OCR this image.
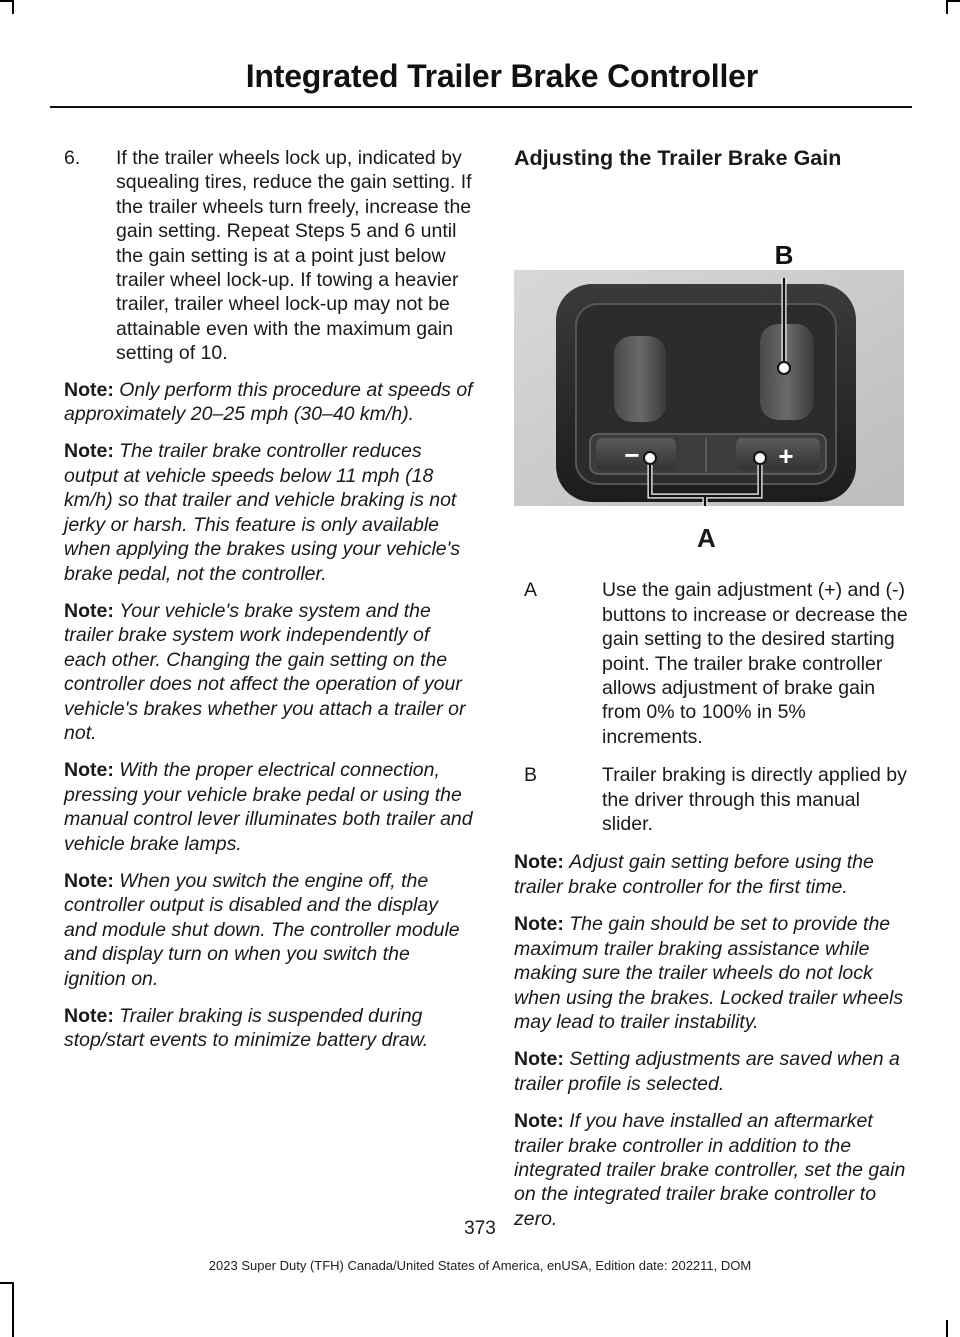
Integrated Trailer Brake Controller
6.	If the trailer wheels lock up, indicated by squealing tires, reduce the gain setting. If the trailer wheels turn freely, increase the gain setting. Repeat Steps 5 and 6 until the gain setting is at a point just below trailer wheel lock-up. If towing a heavier trailer, trailer wheel lock-up may not be attainable even with the maximum gain setting of 10.

Note: Only perform this procedure at speeds of approximately 20–25 mph (30–40 km/h).

Note: The trailer brake controller reduces output at vehicle speeds below 11 mph (18 km/h) so that trailer and vehicle braking is not jerky or harsh. This feature is only available when applying the brakes using your vehicle's brake pedal, not the controller.

Note: Your vehicle's brake system and the trailer brake system work independently of each other. Changing the gain setting on the controller does not affect the operation of your vehicle's brakes whether you attach a trailer or not.

Note: With the proper electrical connection, pressing your vehicle brake pedal or using the manual control lever illuminates both trailer and vehicle brake lamps.

Note: When you switch the engine off, the controller output is disabled and the display and module shut down. The controller module and display turn on when you switch the ignition on.

Note: Trailer braking is suspended during stop/start events to minimize battery draw.

Adjusting the Trailer Brake Gain
−	+
B
A
A	Use the gain adjustment (+) and (-) buttons to increase or decrease the gain setting to the desired starting point. The trailer brake controller allows adjustment of brake gain from 0% to 100% in 5% increments.
B	Trailer braking is directly applied by the driver through this manual slider.

Note: Adjust gain setting before using the trailer brake controller for the first time.

Note: The gain should be set to provide the maximum trailer braking assistance while making sure the trailer wheels do not lock when using the brakes. Locked trailer wheels may lead to trailer instability.

Note: Setting adjustments are saved when a trailer profile is selected.

Note: If you have installed an aftermarket trailer brake controller in addition to the integrated trailer brake controller, set the gain on the integrated trailer brake controller to zero.

373
2023 Super Duty (TFH) Canada/United States of America, enUSA, Edition date: 202211, DOM
